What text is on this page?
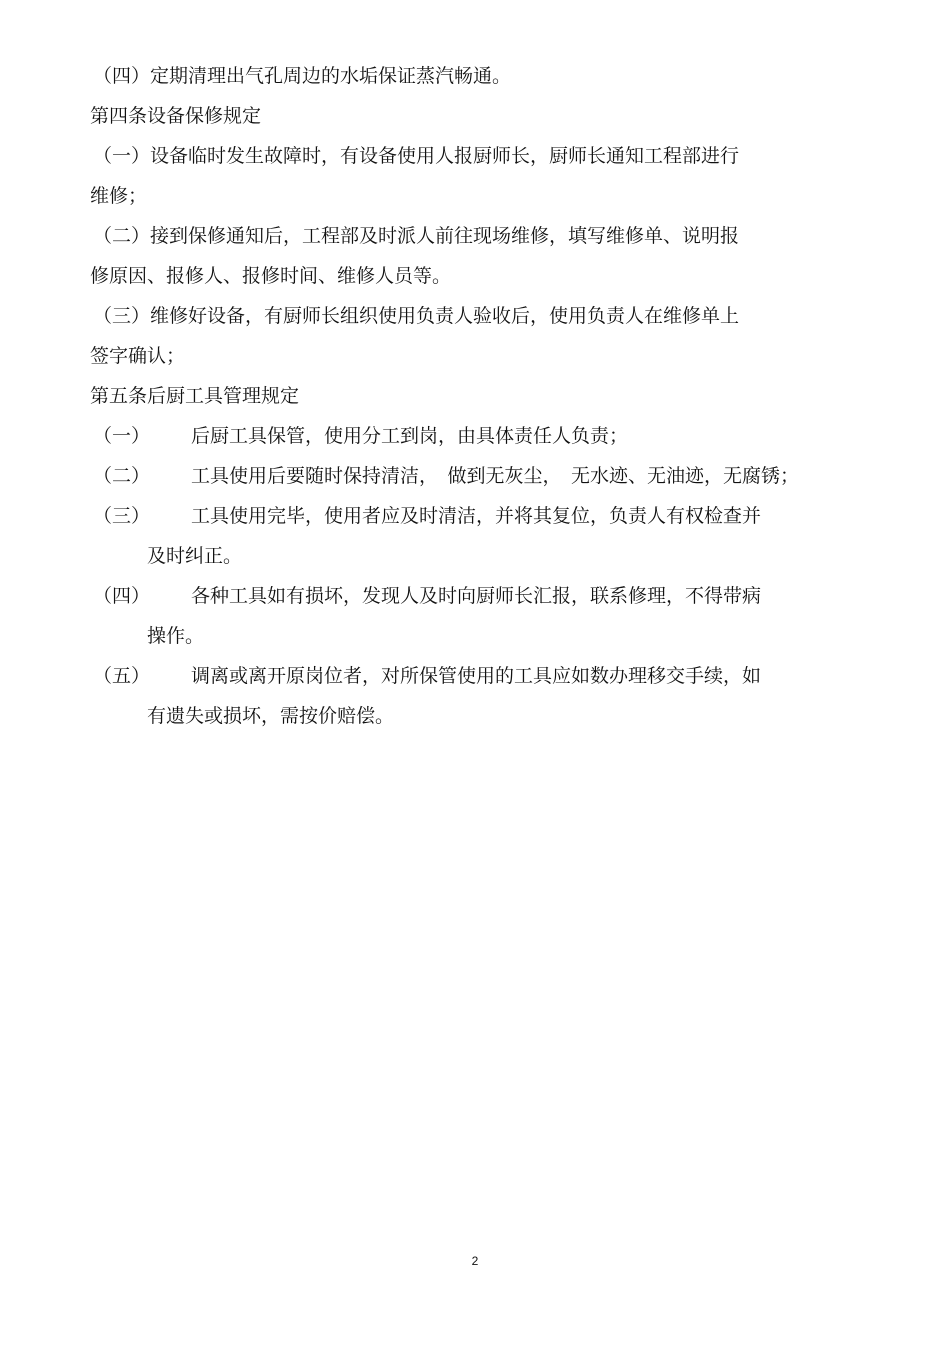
（四）定期清理出气孔周边的水垢保证蒸汽畅通。
第四条设备保修规定
（一）设备临时发生故障时，有设备使用人报厨师长，厨师长通知工程部进行
维修；
（二）接到保修通知后，工程部及时派人前往现场维修，填写维修单、说明报
修原因、报修人、报修时间、维修人员等。
（三）维修好设备，有厨师长组织使用负责人验收后，使用负责人在维修单上
签字确认；
第五条后厨工具管理规定
（一） 后厨工具保管，使用分工到岗，由具体责任人负责；
（二） 工具使用后要随时保持清洁，　做到无灰尘，　无水迹、无油迹，无腐锈；
（三） 工具使用完毕，使用者应及时清洁，并将其复位，负责人有权检查并
及时纠正。
（四） 各种工具如有损坏，发现人及时向厨师长汇报，联系修理，不得带病
操作。
（五） 调离或离开原岗位者，对所保管使用的工具应如数办理移交手续，如
有遗失或损坏，需按价赔偿。
2
